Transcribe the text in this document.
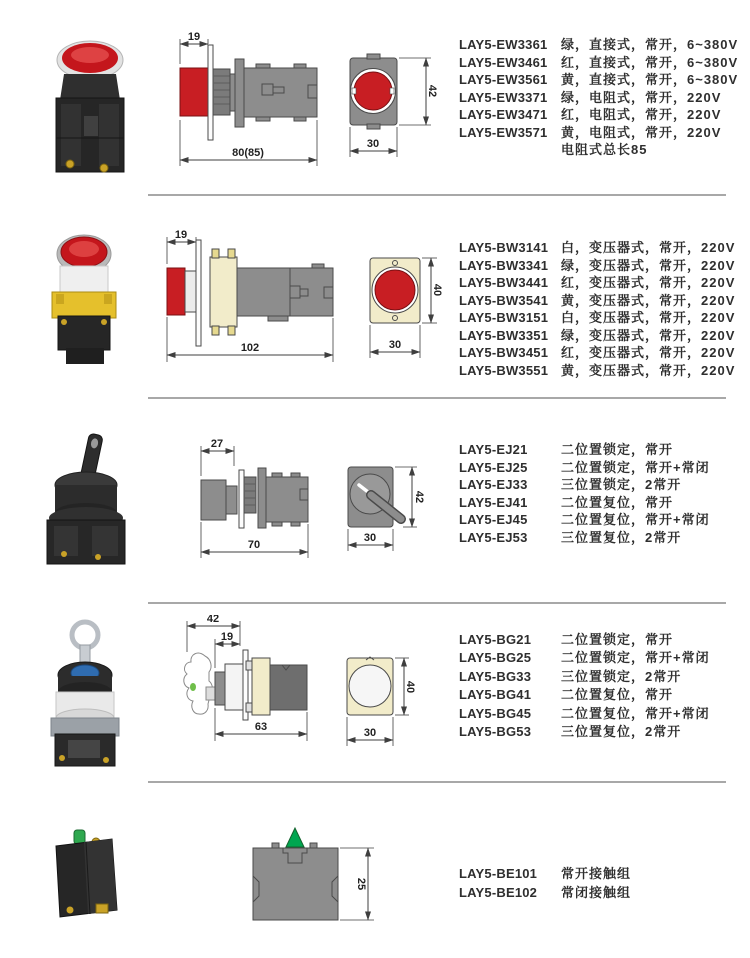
19
80(85)
42
30
LAY5-EW3361	绿，直接式，常开，6~380V
LAY5-EW3461	红，直接式，常开，6~380V
LAY5-EW3561	黄，直接式，常开，6~380V
LAY5-EW3371	绿，电阻式，常开，220V
LAY5-EW3471	红，电阻式，常开，220V
LAY5-EW3571	黄，电阻式，常开，220V
电阻式总长85
19
102
40
30
LAY5-BW3141 白，变压器式，常开，220V
LAY5-BW3341 绿，变压器式，常开，220V
LAY5-BW3441 红，变压器式，常开，220V
LAY5-BW3541 黄，变压器式，常开，220V
LAY5-BW3151 白，变压器式，常开，220V
LAY5-BW3351 绿，变压器式，常开，220V
LAY5-BW3451 红，变压器式，常开，220V
LAY5-BW3551 黄，变压器式，常开，220V
27
70
42
30
LAY5-EJ21	二位置锁定，常开
LAY5-EJ25	二位置锁定，常开+常闭
LAY5-EJ33	三位置锁定，2常开
LAY5-EJ41	二位置复位，常开
LAY5-EJ45	二位置复位，常开+常闭
LAY5-EJ53	三位置复位，2常开
42
19
63
40
30
LAY5-BG21	二位置锁定，常开
LAY5-BG25	二位置锁定，常开+常闭
LAY5-BG33	三位置锁定，2常开
LAY5-BG41	二位置复位，常开
LAY5-BG45	二位置复位，常开+常闭
LAY5-BG53	三位置复位，2常开
25
LAY5-BE101	常开接触组
LAY5-BE102	常闭接触组
